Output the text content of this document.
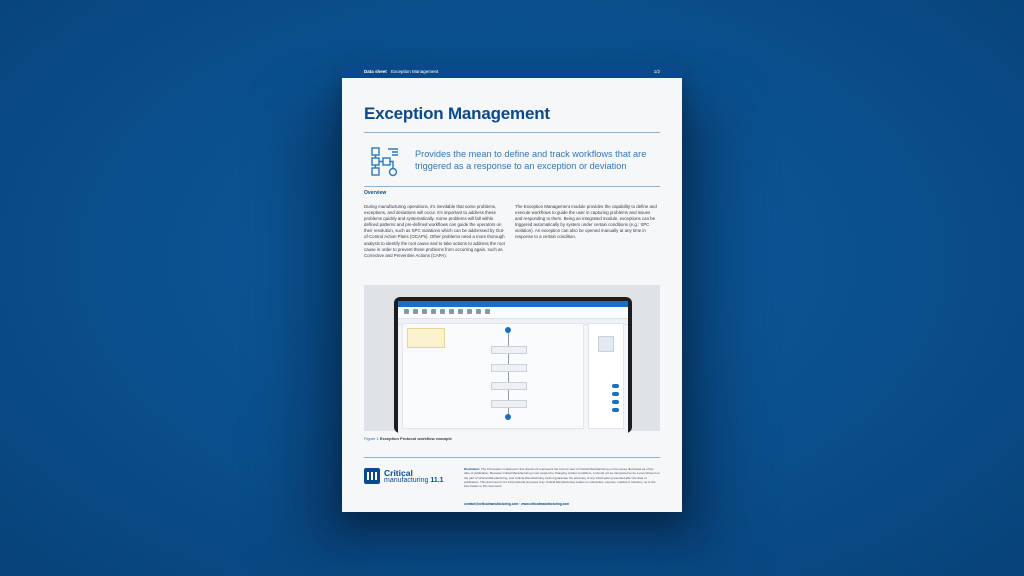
Data sheet Exception Management	1/2
Exception Management
Provides the mean to define and track workflows that are triggered as a response to an exception or deviation
Overview
During manufacturing operations, it's inevitable that some problems, exceptions, and deviations will occur. It's important to address these problems quickly and systematically. Some problems will fall within defined patterns and pre-defined workflows can guide the operators on their resolution, such as SPC violations which can be addressed by Out-of-Control Action Plans (OCAPs). Other problems need a more thorough analysis to identify the root cause and to take actions to address the root cause in order to prevent these problems from occurring again, such as Corrective and Preventive Actions (CAPA).
The Exception Management module provides the capability to define and execute workflows to guide the user in capturing problems and issues and responding to them. Being an integrated module, exceptions can be triggered automatically by system under certain conditions (e.g.: SPC violation). An exception can also be opened manually at any time in response to a certain condition.
Figure 1 Exception Protocol workflow example
Critical
manufacturing 11.1
Disclaimer: The information contained in this document represents the current view of Critical Manufacturing on the issues discussed as of the date of publication. Because Critical Manufacturing must respond to changing market conditions, it should not be interpreted to be a commitment on the part of Critical Manufacturing, and Critical Manufacturing cannot guarantee the accuracy of any information presented after the date of publication. This document is for informational purposes only. Critical Manufacturing makes no warranties, express, implied or statutory, as to the information in this document.
contact@criticalmanufacturing.com · www.criticalmanufacturing.com
